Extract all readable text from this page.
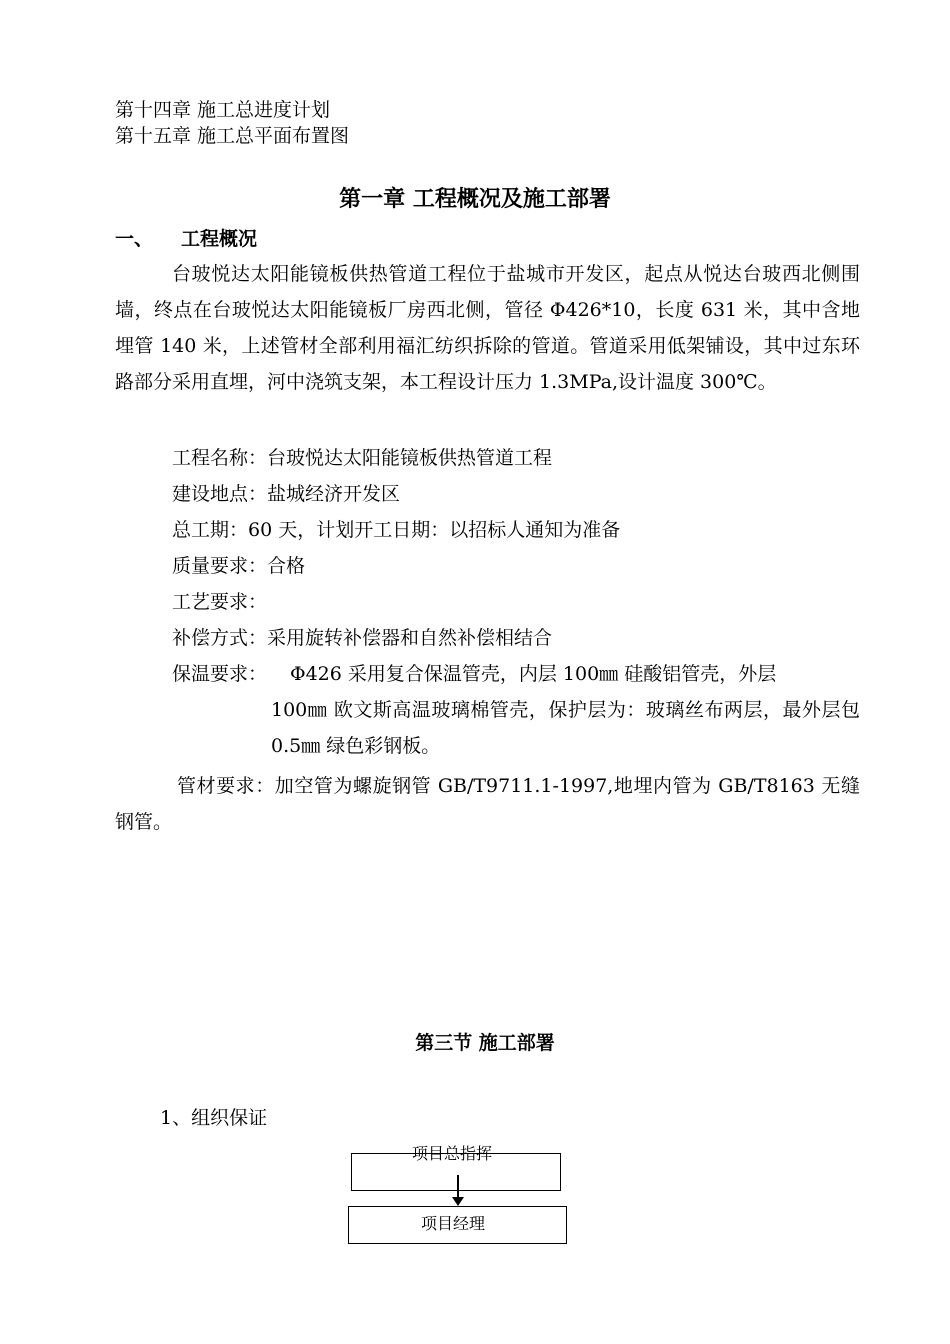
第十四章 施工总进度计划
第十五章 施工总平面布置图
第一章 工程概况及施工部署
一、 工程概况
台玻悦达太阳能镜板供热管道工程位于盐城市开发区，起点从悦达台玻西北侧围墙，终点在台玻悦达太阳能镜板厂房西北侧，管径 Φ426*10，长度 631 米，其中含地埋管 140 米，上述管材全部利用福汇纺织拆除的管道。管道采用低架铺设，其中过东环路部分采用直埋，河中浇筑支架，本工程设计压力 1.3MPa,设计温度 300℃。
工程名称：台玻悦达太阳能镜板供热管道工程
建设地点：盐城经济开发区
总工期：60 天，计划开工日期：以招标人通知为准备
质量要求：合格
工艺要求：
补偿方式：采用旋转补偿器和自然补偿相结合
保温要求： Φ426 采用复合保温管壳，内层 100㎜ 硅酸铝管壳，外层
100㎜ 欧文斯高温玻璃棉管壳，保护层为：玻璃丝布两层，最外层包 0.5㎜ 绿色彩钢板。
管材要求：加空管为螺旋钢管 GB/T9711.1-1997,地埋内管为 GB/T8163 无缝钢管。
第三节 施工部署
1、组织保证
项目总指挥
项目经理
